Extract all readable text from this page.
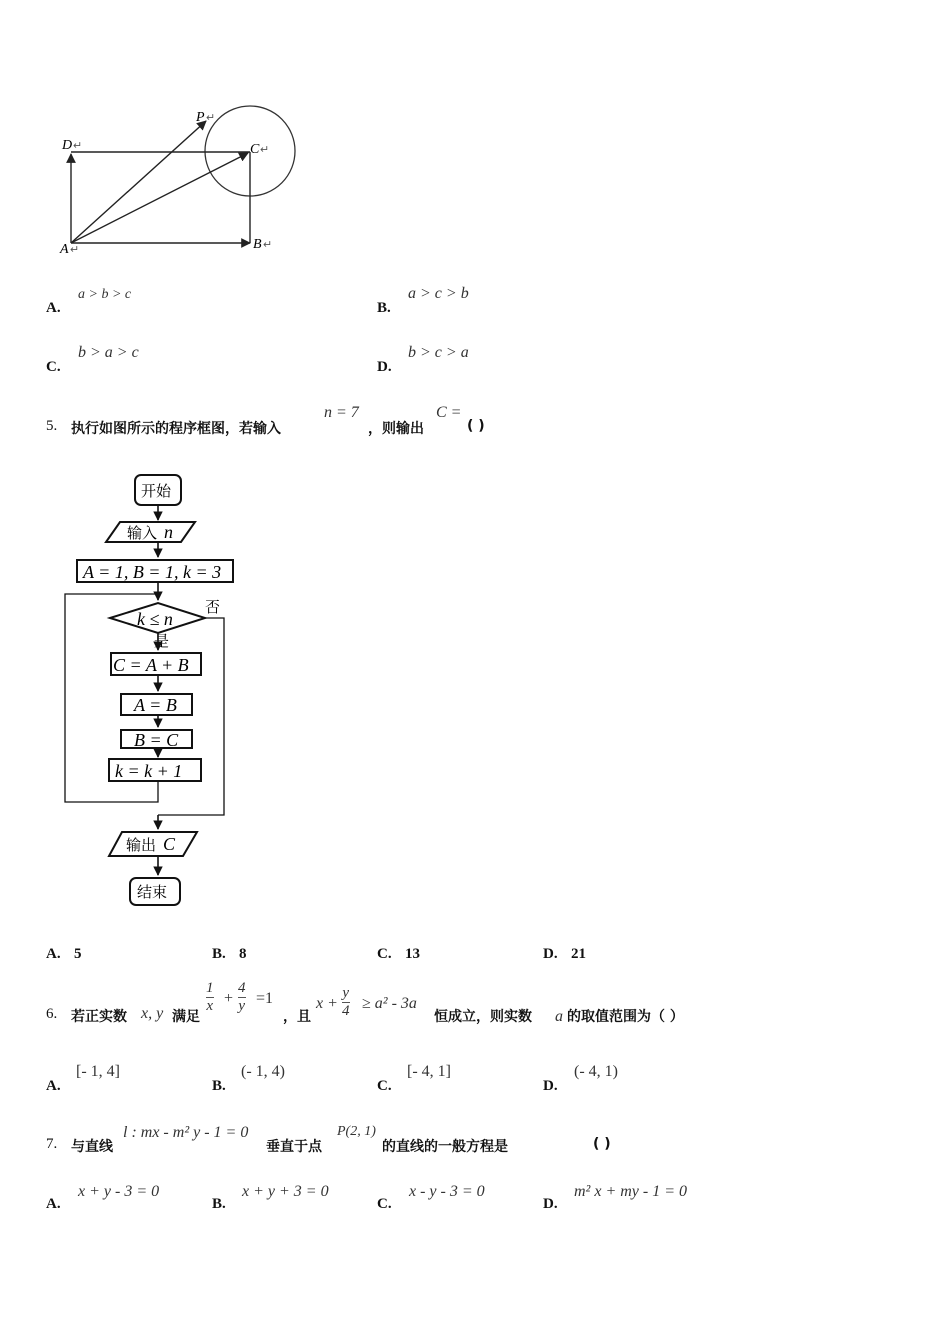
D ↵	C ↵
P ↵
A ↵	B ↵
A.
a > b > c
B.
a > c > b
C.
b > a > c
D.
b > c > a
5. 执行如图所示的程序框图，若输入
n = 7
，则输出
C =
( )
开始
输入 n
A = 1, B = 1, k = 3
k ≤ n
否
是
C = A + B
A = B
B = C
k = k + 1
输出 C
结束
A. 5	B. 8	C. 13	D. 21
6. 若正实数 x, y 满足
$\frac{1}{x} + \frac{4}{y} =1$
，且
$x + \frac{y}{4} \ge a^2 - 3a$
恒成立，则实数 a 的取值范围为（ ）
A.
[- 1, 4]
B.
(- 1, 4)
C.
[- 4, 1]
D.
(- 4, 1)
7. 与直线
l : mx - m² y - 1 = 0
垂直于点
P(2, 1)
的直线的一般方程是	( )
A.
x + y - 3 = 0
B.
x + y + 3 = 0
C.
x - y - 3 = 0
D.
m² x + my - 1 = 0
